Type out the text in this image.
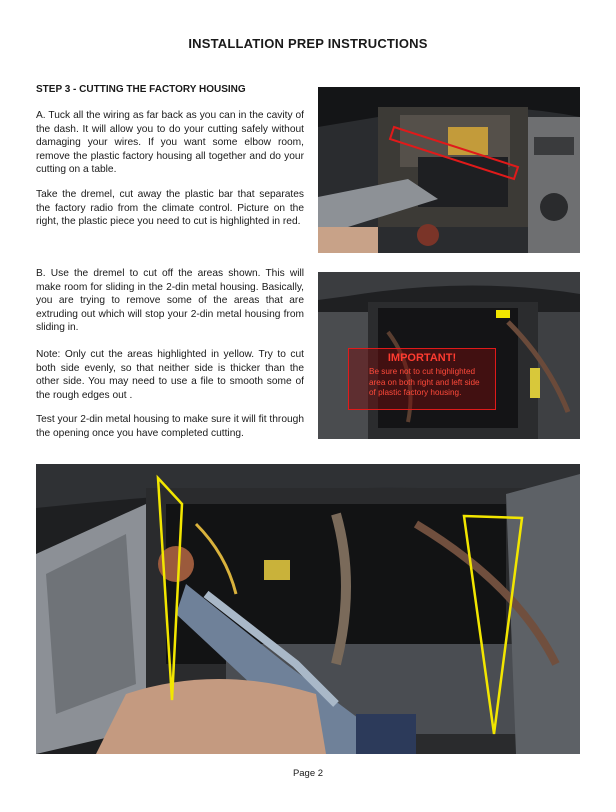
INSTALLATION PREP INSTRUCTIONS
STEP 3 - CUTTING THE FACTORY HOUSING

A. Tuck all the wiring as far back as you can in the cavity of the dash. It will allow you to do your cutting safely without damaging your wires. If you want some elbow room, remove the plastic factory housing all together and do your cutting on a table.

Take the dremel, cut away the plastic bar that separates the factory radio from the climate control. Picture on the right, the plastic piece you need to cut is highlighted in red.

B. Use the dremel to cut off the areas shown. This will make room for sliding in the 2-din metal housing. Basically, you are trying to remove some of the areas that are extruding out which will stop your 2-din metal housing from sliding in.

Note: Only cut the areas highlighted in yellow. Try to cut both side evenly, so that neither side is thicker than the other side. You may need to use a file to smooth some of the rough edges out .

Test your 2-din metal housing to make sure it will fit through the opening once you have completed cutting.

IMPORTANT!
Be sure not to cut highlighted area on both right and left side of plastic factory housing.
Page 2
